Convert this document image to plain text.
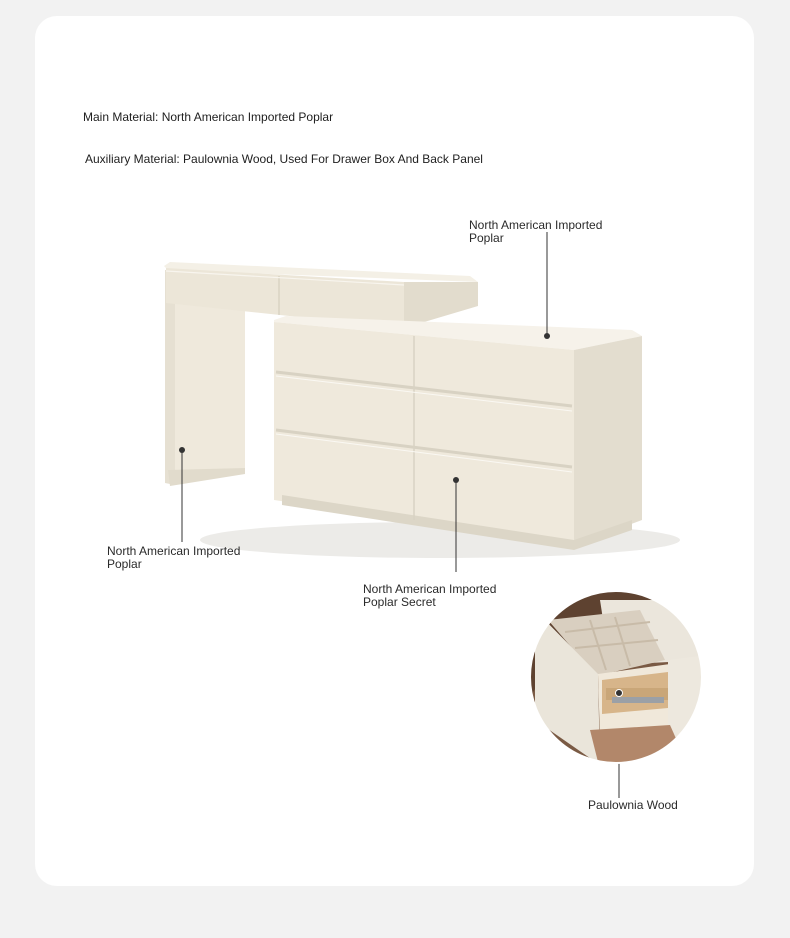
Main Material: North American Imported Poplar
Auxiliary Material: Paulownia Wood, Used For Drawer Box And Back Panel
North American Imported
Poplar
North American Imported
Poplar
North American Imported
Poplar Secret
Paulownia Wood
